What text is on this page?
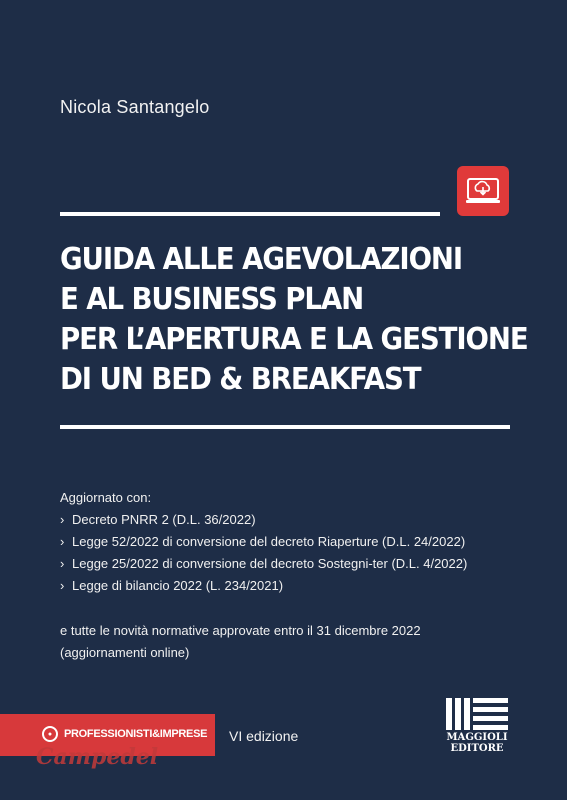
Nicola Santangelo
GUIDA ALLE AGEVOLAZIONI
E AL BUSINESS PLAN
PER L’APERTURA E LA GESTIONE
DI UN BED & BREAKFAST
Aggiornato con:
› Decreto PNRR 2 (D.L. 36/2022)
› Legge 52/2022 di conversione del decreto Riaperture (D.L. 24/2022)
› Legge 25/2022 di conversione del decreto Sostegni-ter (D.L. 4/2022)
› Legge di bilancio 2022 (L. 234/2021)
e tutte le novità normative approvate entro il 31 dicembre 2022
(aggiornamenti online)
●	PROFESSIONISTI&IMPRESE VI edizione
Campedel
MAGGIOLI
EDITORE
